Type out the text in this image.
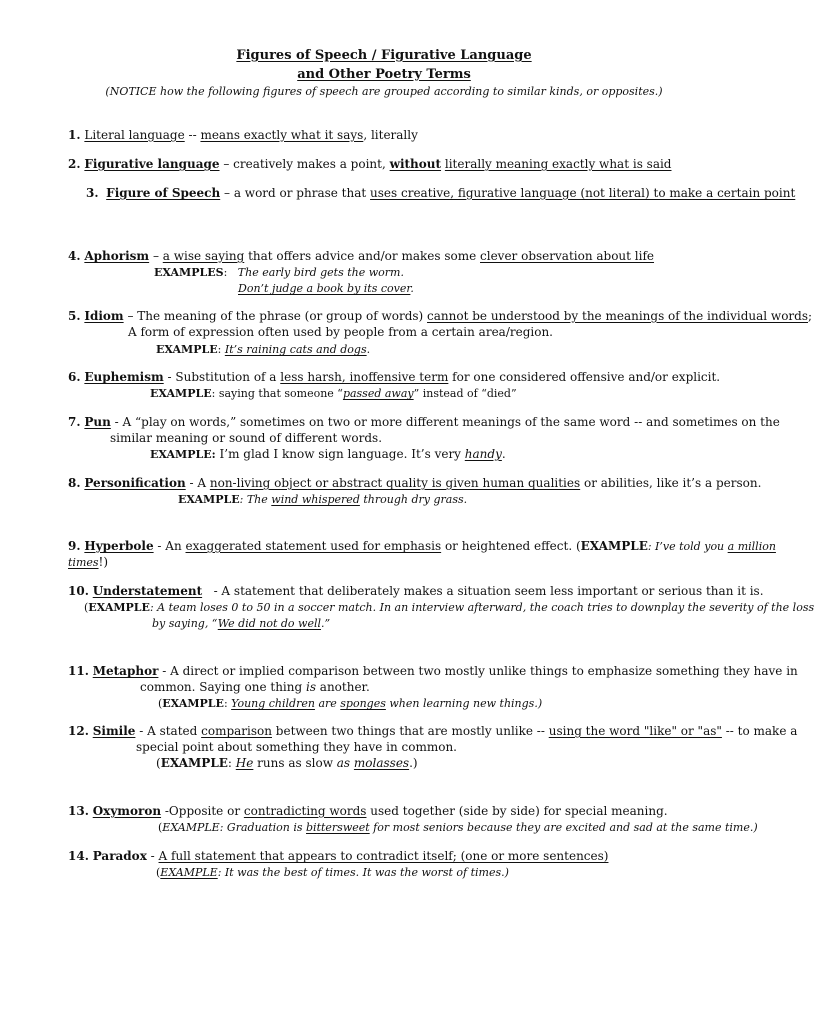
Figures of Speech / Figurative Language
and Other Poetry Terms
(NOTICE how the following figures of speech are grouped according to similar kinds, or opposites.)
1. Literal language -- means exactly what it says, literally
2. Figurative language – creatively makes a point, without literally meaning exactly what is said
3. Figure of Speech – a word or phrase that uses creative, figurative language (not literal) to make a certain point
4. Aphorism – a wise saying that offers advice and/or makes some clever observation about life
EXAMPLES:   The early bird gets the worm.
Don’t judge a book by its cover.
5. Idiom – The meaning of the phrase (or group of words) cannot be understood by the meanings of the individual words;
A form of expression often used by people from a certain area/region.
EXAMPLE: It’s raining cats and dogs.
6. Euphemism - Substitution of a less harsh, inoffensive term for one considered offensive and/or explicit.
EXAMPLE: saying that someone “passed away” instead of “died”
7. Pun - A “play on words,” sometimes on two or more different meanings of the same word -- and sometimes on the
similar meaning or sound of different words.
EXAMPLE: I’m glad I know sign language. It’s very handy.
8. Personification - A non-living object or abstract quality is given human qualities or abilities, like it’s a person.
EXAMPLE: The wind whispered through dry grass.
9. Hyperbole - An exaggerated statement used for emphasis or heightened effect. (EXAMPLE: I’ve told you a million
times!)
10. Understatement   - A statement that deliberately makes a situation seem less important or serious than it is.
(EXAMPLE: A team loses 0 to 50 in a soccer match. In an interview afterward, the coach tries to downplay the severity of the loss
by saying, “We did not do well.”
11. Metaphor - A direct or implied comparison between two mostly unlike things to emphasize something they have in
common. Saying one thing is another.
(EXAMPLE: Young children are sponges when learning new things.)
12. Simile - A stated comparison between two things that are mostly unlike -- using the word "like" or "as" -- to make a
special point about something they have in common.
(EXAMPLE: He runs as slow as molasses.)
13. Oxymoron -Opposite or contradicting words used together (side by side) for special meaning.
(EXAMPLE: Graduation is bittersweet for most seniors because they are excited and sad at the same time.)
14. Paradox - A full statement that appears to contradict itself; (one or more sentences)
(EXAMPLE: It was the best of times. It was the worst of times.)
